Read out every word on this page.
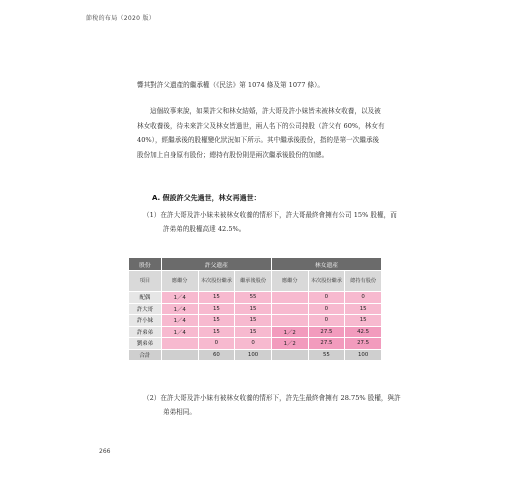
節稅的布局（2020 版）

響其對許父遺產的繼承權（《民法》第 1074 條及第 1077 條）。

這個故事來說，如果許父和林女結婚，許大哥及許小妹皆未被林女收養，以及被林女收養後，待未來許父及林女皆過世，兩人名下的公司持股（許父有 60%，林女有 40%），經繼承後的股權變化狀況如下所示。其中繼承後股份，指的是第一次繼承後股份加上自身原有股份；總持有股份則是兩次繼承後股份的加總。

A. 假設許父先過世，林女再過世：

（1）在許大哥及許小妹未被林女收養的情形下，許大哥最終會擁有公司 15% 股權，而許弟弟的股權高達 42.5%。

股份	許父遺產			林女遺產		
項目	應繼分	本次股份繼承	繼承後股份	應繼分	本次股份繼承	總持有股份
配偶	1／4	15	55		0	0
許大哥	1／4	15	15		0	15
許小妹	1／4	15	15		0	15
許弟弟	1／4	15	15	1／2	27.5	42.5
劉弟弟		0	0	1／2	27.5	27.5
合計		60	100		55	100

（2）在許大哥及許小妹有被林女收養的情形下，許先生最終會擁有 28.75% 股權，與許弟弟相同。

266
